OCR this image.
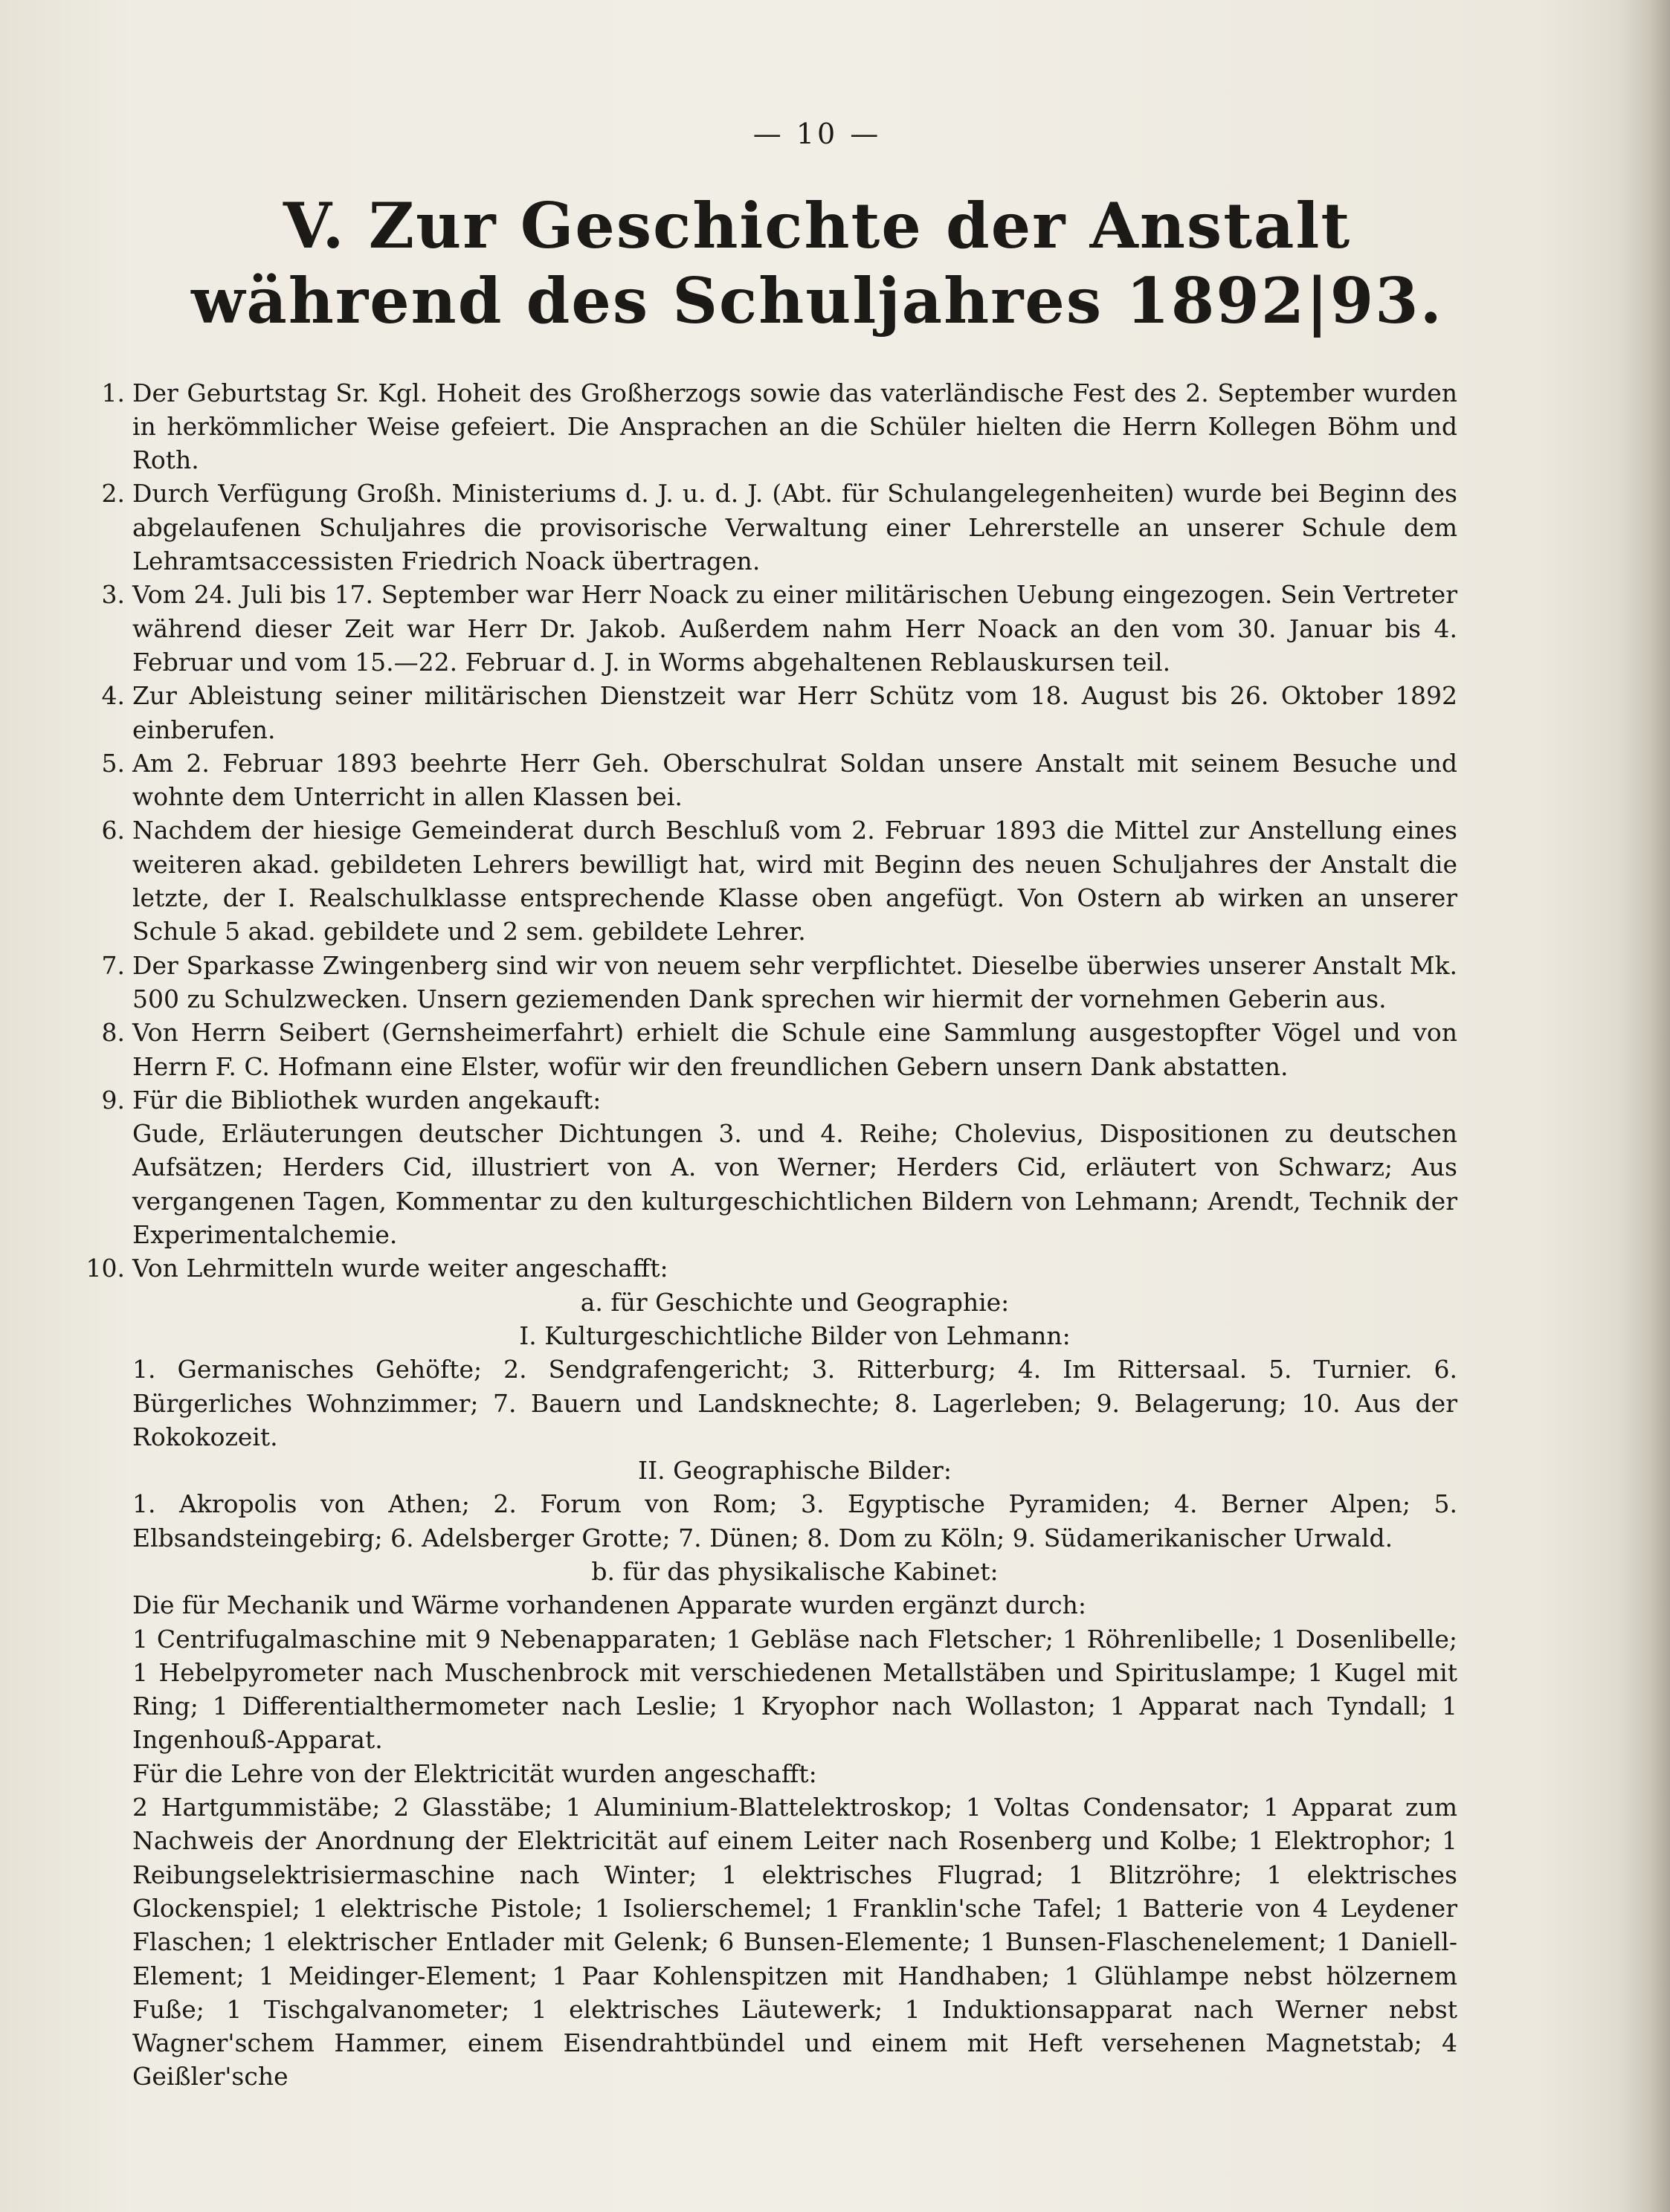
— 10 —
V. Zur Geschichte der Anstalt
während des Schuljahres 1892|93.

1. Der Geburtstag Sr. Kgl. Hoheit des Großherzogs sowie das vaterländische Fest des 2. September wurden in herkömmlicher Weise gefeiert. Die Ansprachen an die Schüler hielten die Herrn Kollegen Böhm und Roth.

2. Durch Verfügung Großh. Ministeriums d. J. u. d. J. (Abt. für Schulangelegenheiten) wurde bei Beginn des abgelaufenen Schuljahres die provisorische Verwaltung einer Lehrerstelle an unserer Schule dem Lehramtsaccessisten Friedrich Noack übertragen.

3. Vom 24. Juli bis 17. September war Herr Noack zu einer militärischen Uebung eingezogen. Sein Vertreter während dieser Zeit war Herr Dr. Jakob. Außerdem nahm Herr Noack an den vom 30. Januar bis 4. Februar und vom 15.—22. Februar d. J. in Worms abgehaltenen Reblauskursen teil.

4. Zur Ableistung seiner militärischen Dienstzeit war Herr Schütz vom 18. August bis 26. Oktober 1892 einberufen.

5. Am 2. Februar 1893 beehrte Herr Geh. Oberschulrat Soldan unsere Anstalt mit seinem Besuche und wohnte dem Unterricht in allen Klassen bei.

6. Nachdem der hiesige Gemeinderat durch Beschluß vom 2. Februar 1893 die Mittel zur Anstellung eines weiteren akad. gebildeten Lehrers bewilligt hat, wird mit Beginn des neuen Schuljahres der Anstalt die letzte, der I. Realschulklasse entsprechende Klasse oben angefügt. Von Ostern ab wirken an unserer Schule 5 akad. gebildete und 2 sem. gebildete Lehrer.

7. Der Sparkasse Zwingenberg sind wir von neuem sehr verpflichtet. Dieselbe überwies unserer Anstalt Mk. 500 zu Schulzwecken. Unsern geziemenden Dank sprechen wir hiermit der vornehmen Geberin aus.

8. Von Herrn Seibert (Gernsheimerfahrt) erhielt die Schule eine Sammlung ausgestopfter Vögel und von Herrn F. C. Hofmann eine Elster, wofür wir den freundlichen Gebern unsern Dank abstatten.

9. Für die Bibliothek wurden angekauft:

Gude, Erläuterungen deutscher Dichtungen 3. und 4. Reihe; Cholevius, Dispositionen zu deutschen Aufsätzen; Herders Cid, illustriert von A. von Werner; Herders Cid, erläutert von Schwarz; Aus vergangenen Tagen, Kommentar zu den kulturgeschichtlichen Bildern von Lehmann; Arendt, Technik der Experimentalchemie.

10. Von Lehrmitteln wurde weiter angeschafft:

a. für Geschichte und Geographie:

I. Kulturgeschichtliche Bilder von Lehmann:

1. Germanisches Gehöfte; 2. Sendgrafengericht; 3. Ritterburg; 4. Im Rittersaal. 5. Turnier. 6. Bürgerliches Wohnzimmer; 7. Bauern und Landsknechte; 8. Lagerleben; 9. Belagerung; 10. Aus der Rokokozeit.

II. Geographische Bilder:

1. Akropolis von Athen; 2. Forum von Rom; 3. Egyptische Pyramiden; 4. Berner Alpen; 5. Elbsandsteingebirg; 6. Adelsberger Grotte; 7. Dünen; 8. Dom zu Köln; 9. Südamerikanischer Urwald.

b. für das physikalische Kabinet:

Die für Mechanik und Wärme vorhandenen Apparate wurden ergänzt durch:

1 Centrifugalmaschine mit 9 Nebenapparaten; 1 Gebläse nach Fletscher; 1 Röhrenlibelle; 1 Dosenlibelle; 1 Hebelpyrometer nach Muschenbrock mit verschiedenen Metallstäben und Spirituslampe; 1 Kugel mit Ring; 1 Differentialthermometer nach Leslie; 1 Kryophor nach Wollaston; 1 Apparat nach Tyndall; 1 Ingenhouß-Apparat.

Für die Lehre von der Elektricität wurden angeschafft:

2 Hartgummistäbe; 2 Glasstäbe; 1 Aluminium-Blattelektroskop; 1 Voltas Condensator; 1 Apparat zum Nachweis der Anordnung der Elektricität auf einem Leiter nach Rosenberg und Kolbe; 1 Elektrophor; 1 Reibungselektrisiermaschine nach Winter; 1 elektrisches Flugrad; 1 Blitzröhre; 1 elektrisches Glockenspiel; 1 elektrische Pistole; 1 Isolierschemel; 1 Franklin'sche Tafel; 1 Batterie von 4 Leydener Flaschen; 1 elektrischer Entlader mit Gelenk; 6 Bunsen-Elemente; 1 Bunsen-Flaschenelement; 1 Daniell-Element; 1 Meidinger-Element; 1 Paar Kohlenspitzen mit Handhaben; 1 Glühlampe nebst hölzernem Fuße; 1 Tischgalvanometer; 1 elektrisches Läutewerk; 1 Induktionsapparat nach Werner nebst Wagner'schem Hammer, einem Eisendrahtbündel und einem mit Heft versehenen Magnetstab; 4 Geißler'sche
